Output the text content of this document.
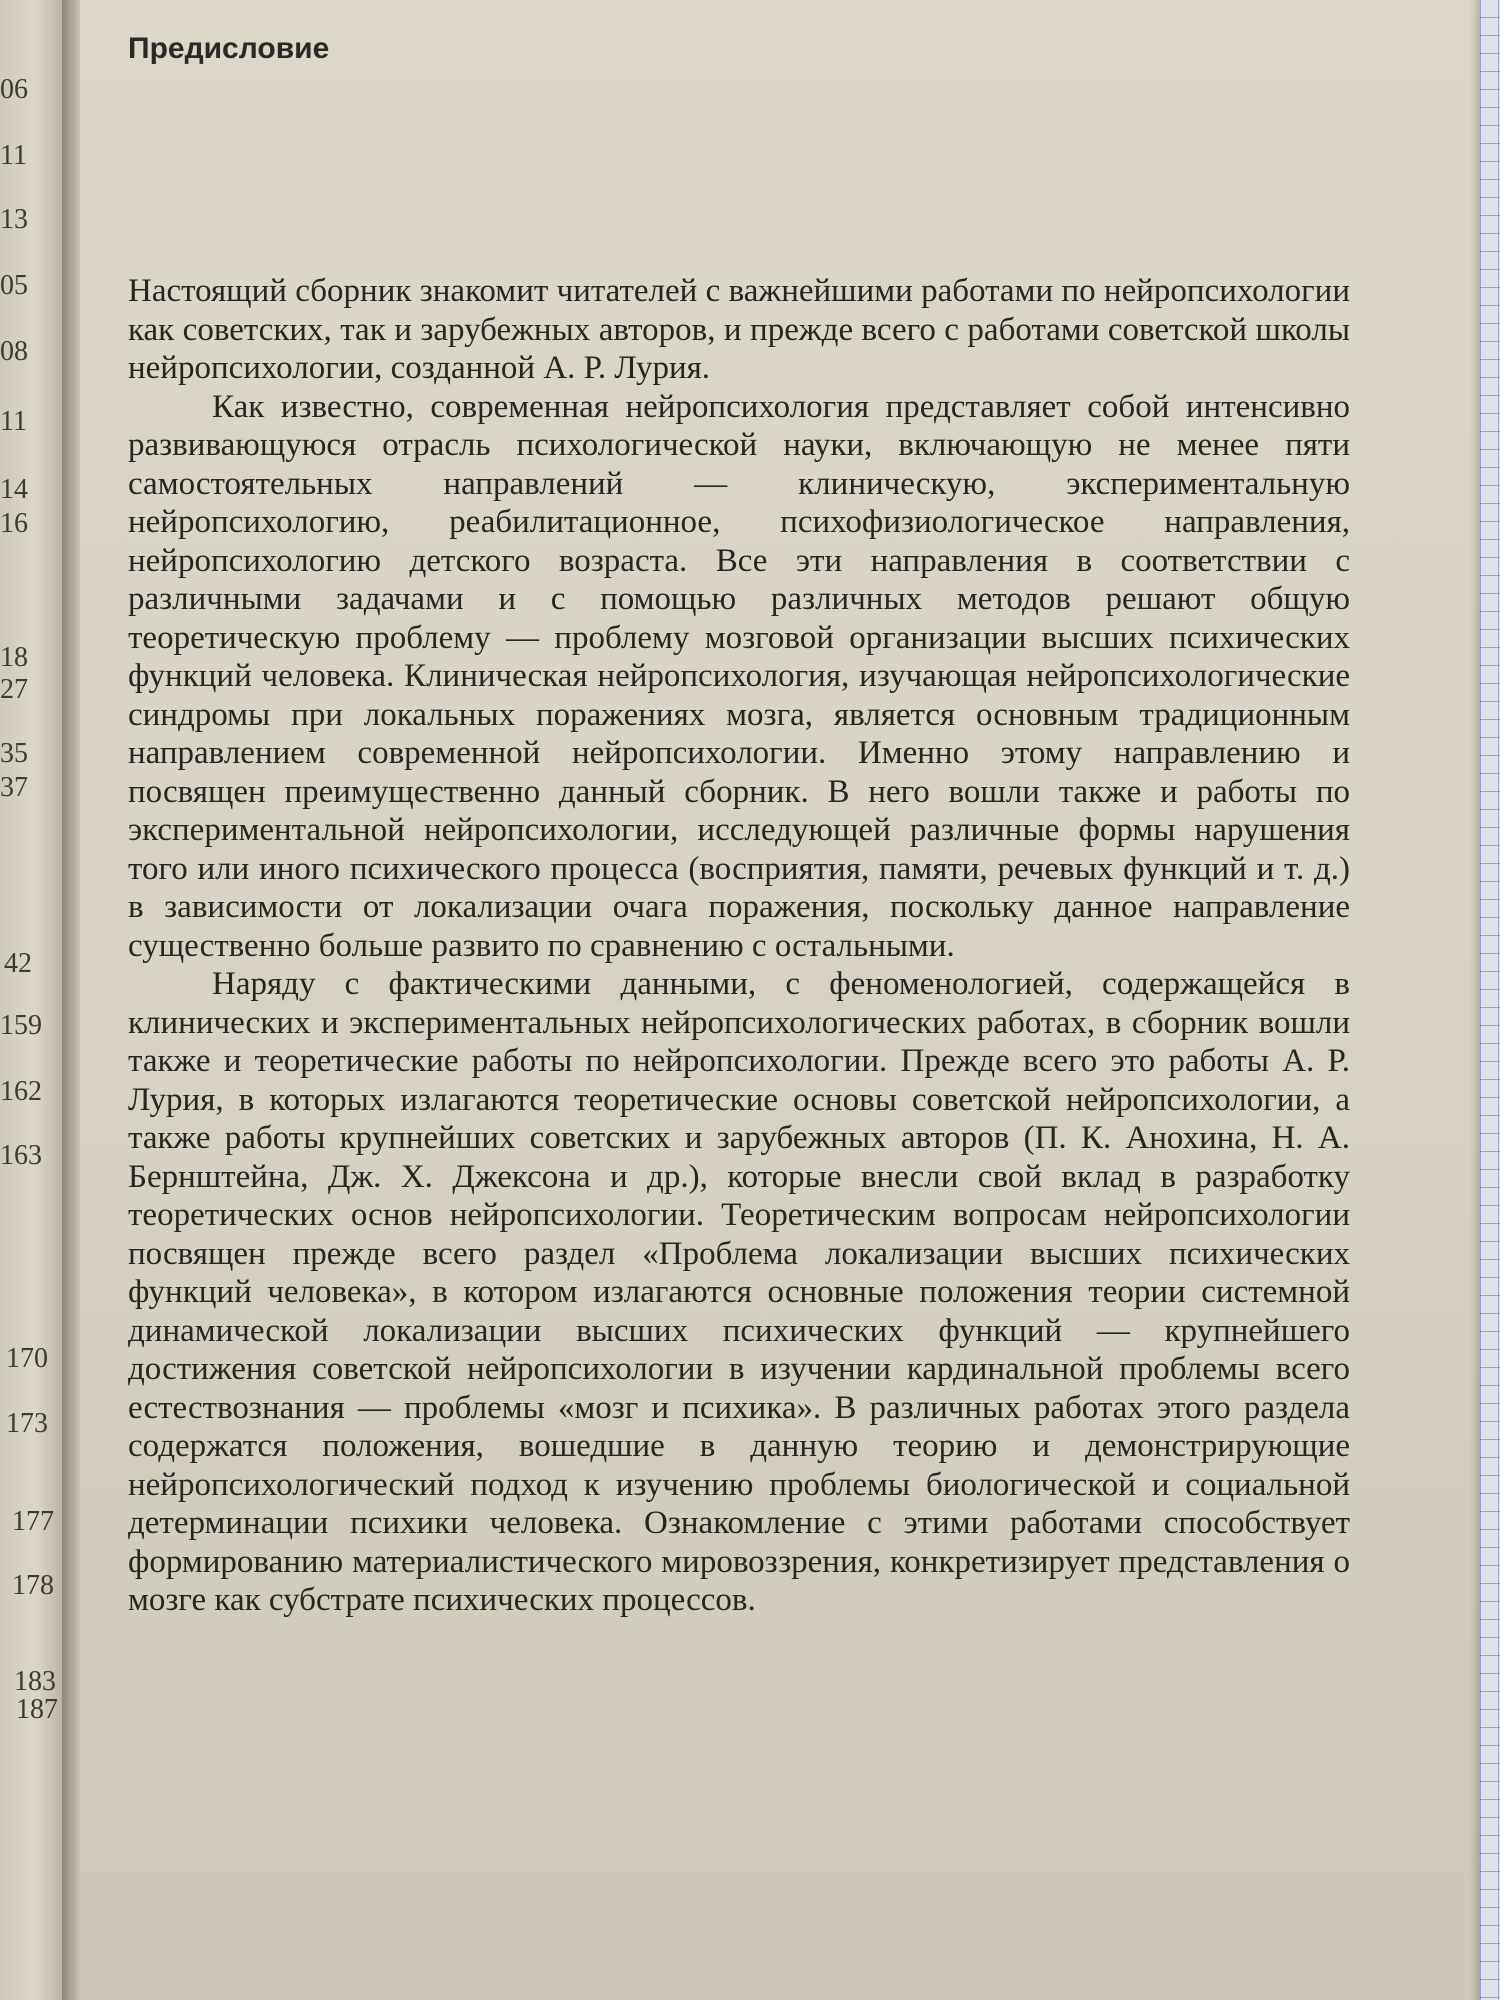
06
11
13
05
08
11
14
16
18
27
35
37
42
159
162
163
170
173
177
178
183
187
Предисловие

Настоящий сборник знакомит читателей с важнейшими работами по нейропсихологии как советских, так и зарубежных авторов, и прежде всего с работами советской школы нейропсихологии, созданной А. Р. Лурия.

Как известно, современная нейропсихология представляет собой интенсивно развивающуюся отрасль психологической науки, включающую не менее пяти самостоятельных направлений — клиническую, экспериментальную нейропсихологию, реабилитационное, психофизиологическое направления, нейропсихологию детского возраста. Все эти направления в соответствии с различными задачами и с помощью различных методов решают общую теоретическую проблему — проблему мозговой организации высших психических функций человека. Клиническая нейропсихология, изучающая нейропсихологические синдромы при локальных поражениях мозга, является основным традиционным направлением современной нейропсихологии. Именно этому направлению и посвящен преимущественно данный сборник. В него вошли также и работы по экспериментальной нейропсихологии, исследующей различные формы нарушения того или иного психического процесса (восприятия, памяти, речевых функций и т. д.) в зависимости от локализации очага поражения, поскольку данное направление существенно больше развито по сравнению с остальными.

Наряду с фактическими данными, с феноменологией, содержащейся в клинических и экспериментальных нейропсихологических работах, в сборник вошли также и теоретические работы по нейропсихологии. Прежде всего это работы А. Р. Лурия, в которых излагаются теоретические основы советской нейропсихологии, а также работы крупнейших советских и зарубежных авторов (П. К. Анохина, Н. А. Бернштейна, Дж. Х. Джексона и др.), которые внесли свой вклад в разработку теоретических основ нейропсихологии. Теоретическим вопросам нейропсихологии посвящен прежде всего раздел «Проблема локализации высших психических функций человека», в котором излагаются основные положения теории системной динамической локализации высших психических функций — крупнейшего достижения советской нейропсихологии в изучении кардинальной проблемы всего естествознания — проблемы «мозг и психика». В различных работах этого раздела содержатся положения, вошедшие в данную теорию и демонстрирующие нейропсихологический подход к изучению проблемы биологической и социальной детерминации психики человека. Ознакомление с этими работами способствует формированию материалистического мировоззрения, конкретизирует представления о мозге как субстрате психических процессов.
